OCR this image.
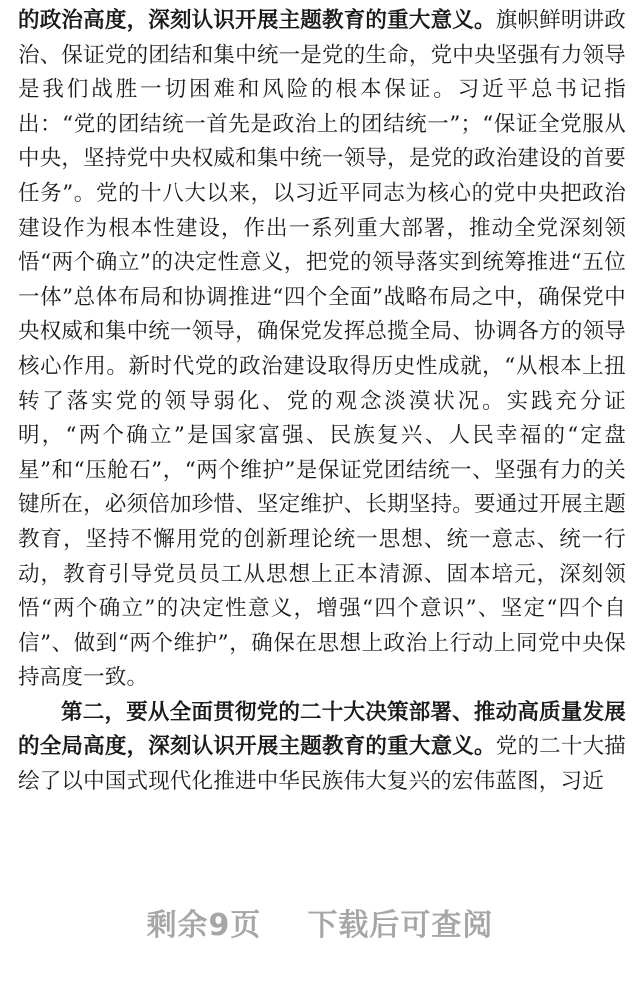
的政治高度，深刻认识开展主题教育的重大意义。旗帜鲜明讲政治、保证党的团结和集中统一是党的生命，党中央坚强有力领导是我们战胜一切困难和风险的根本保证。习近平总书记指出：“党的团结统一首先是政治上的团结统一”；“保证全党服从中央，坚持党中央权威和集中统一领导，是党的政治建设的首要任务”。党的十八大以来，以习近平同志为核心的党中央把政治建设作为根本性建设，作出一系列重大部署，推动全党深刻领悟“两个确立”的决定性意义，把党的领导落实到统筹推进“五位一体”总体布局和协调推进“四个全面”战略布局之中，确保党中央权威和集中统一领导，确保党发挥总揽全局、协调各方的领导核心作用。新时代党的政治建设取得历史性成就，“从根本上扭转了落实党的领导弱化、党的观念淡漠状况。实践充分证明，“两个确立”是国家富强、民族复兴、人民幸福的“定盘星”和“压舱石”，“两个维护”是保证党团结统一、坚强有力的关键所在，必须倍加珍惜、坚定维护、长期坚持。要通过开展主题教育，坚持不懈用党的创新理论统一思想、统一意志、统一行动，教育引导党员员工从思想上正本清源、固本培元，深刻领悟“两个确立”的决定性意义，增强“四个意识”、坚定“四个自信”、做到“两个维护”，确保在思想上政治上行动上同党中央保持高度一致。

第二，要从全面贯彻党的二十大决策部署、推动高质量发展的全局高度，深刻认识开展主题教育的重大意义。党的二十大描绘了以中国式现代化推进中华民族伟大复兴的宏伟蓝图，习近

剩余9页 下载后可查阅
